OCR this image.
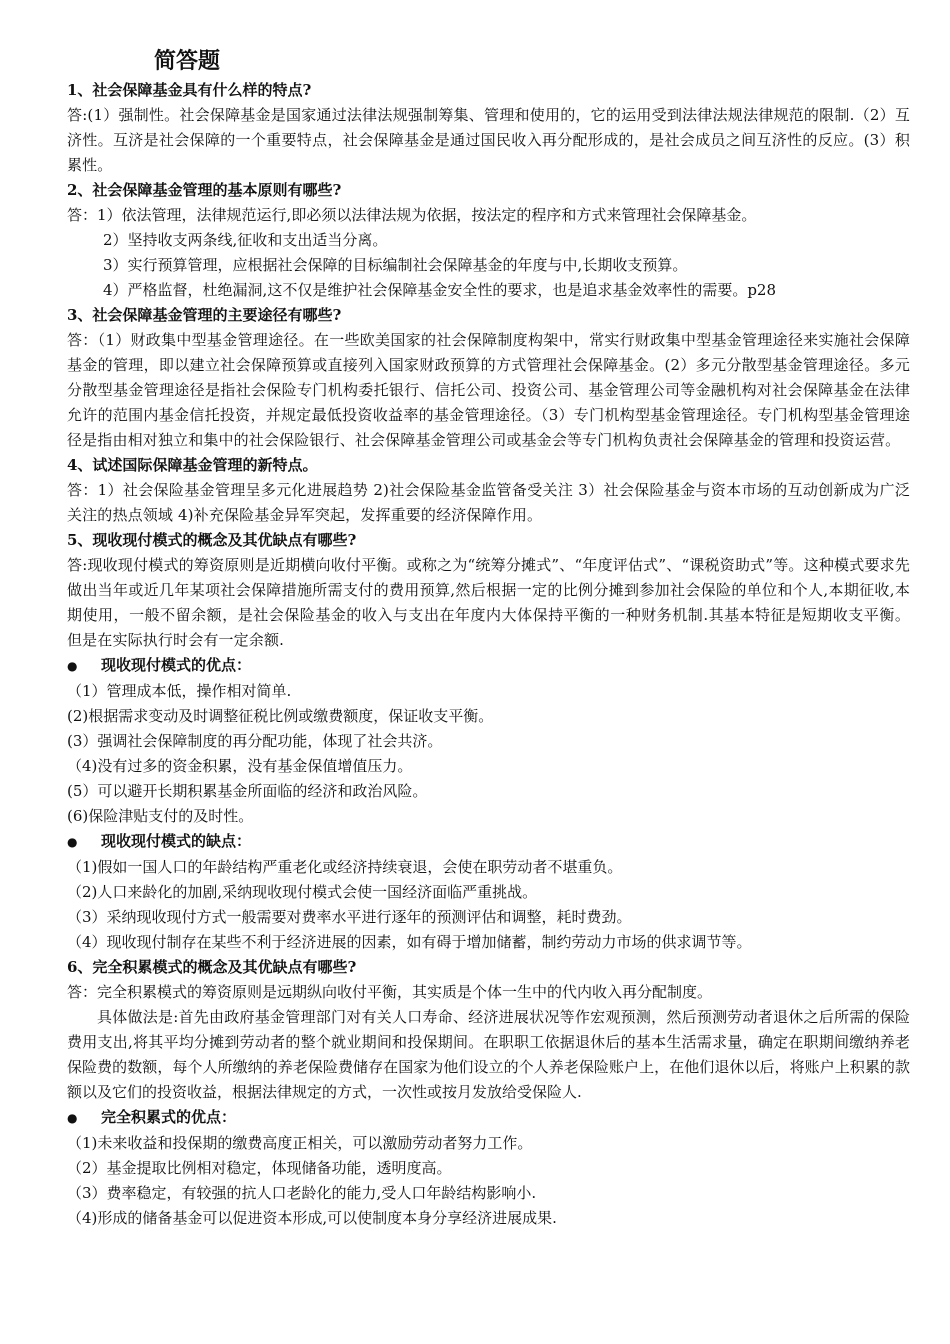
简答题

1、社会保障基金具有什么样的特点?

答:(1）强制性。社会保障基金是国家通过法律法规强制筹集、管理和使用的，它的运用受到法律法规法律规范的限制.（2）互济性。互济是社会保障的一个重要特点，社会保障基金是通过国民收入再分配形成的，是社会成员之间互济性的反应。(3）积累性。

2、社会保障基金管理的基本原则有哪些?

答：1）依法管理，法律规范运行,即必须以法律法规为依据，按法定的程序和方式来管理社会保障基金。

2）坚持收支两条线,征收和支出适当分离。

3）实行预算管理，应根据社会保障的目标编制社会保障基金的年度与中,长期收支预算。

4）严格监督，杜绝漏洞,这不仅是维护社会保障基金安全性的要求，也是追求基金效率性的需要。p28

3、社会保障基金管理的主要途径有哪些?

答：（1）财政集中型基金管理途径。在一些欧美国家的社会保障制度构架中，常实行财政集中型基金管理途径来实施社会保障基金的管理，即以建立社会保障预算或直接列入国家财政预算的方式管理社会保障基金。(2）多元分散型基金管理途径。多元分散型基金管理途径是指社会保险专门机构委托银行、信托公司、投资公司、基金管理公司等金融机构对社会保障基金在法律允许的范围内基金信托投资，并规定最低投资收益率的基金管理途径。（3）专门机构型基金管理途径。专门机构型基金管理途径是指由相对独立和集中的社会保险银行、社会保障基金管理公司或基金会等专门机构负责社会保障基金的管理和投资运营。

4、试述国际保障基金管理的新特点。

答：1）社会保险基金管理呈多元化进展趋势 2)社会保险基金监管备受关注 3）社会保险基金与资本市场的互动创新成为广泛关注的热点领域 4)补充保险基金异军突起，发挥重要的经济保障作用。

5、现收现付模式的概念及其优缺点有哪些?

答:现收现付模式的筹资原则是近期横向收付平衡。或称之为“统筹分摊式”、“年度评估式”、“课税资助式”等。这种模式要求先做出当年或近几年某项社会保障措施所需支付的费用预算,然后根据一定的比例分摊到参加社会保险的单位和个人,本期征收,本期使用，一般不留余额，是社会保险基金的收入与支出在年度内大体保持平衡的一种财务机制.其基本特征是短期收支平衡。 但是在实际执行时会有一定余额.

● 现收现付模式的优点：

（1）管理成本低，操作相对简单.

(2)根据需求变动及时调整征税比例或缴费额度，保证收支平衡。

(3）强调社会保障制度的再分配功能，体现了社会共济。

（4)没有过多的资金积累，没有基金保值增值压力。

(5）可以避开长期积累基金所面临的经济和政治风险。

(6)保险津贴支付的及时性。

● 现收现付模式的缺点：

（1)假如一国人口的年龄结构严重老化或经济持续衰退，会使在职劳动者不堪重负。

（2)人口来龄化的加剧,采纳现收现付模式会使一国经济面临严重挑战。

（3）采纳现收现付方式一般需要对费率水平进行逐年的预测评估和调整，耗时费劲。

（4）现收现付制存在某些不利于经济进展的因素，如有碍于增加储蓄，制约劳动力市场的供求调节等。

6、完全积累模式的概念及其优缺点有哪些?

答：完全积累模式的筹资原则是远期纵向收付平衡，其实质是个体一生中的代内收入再分配制度。

具体做法是:首先由政府基金管理部门对有关人口寿命、经济进展状况等作宏观预测，然后预测劳动者退休之后所需的保险费用支出,将其平均分摊到劳动者的整个就业期间和投保期间。在职职工依据退休后的基本生活需求量，确定在职期间缴纳养老保险费的数额，每个人所缴纳的养老保险费储存在国家为他们设立的个人养老保险账户上，在他们退休以后，将账户上积累的款额以及它们的投资收益，根据法律规定的方式，一次性或按月发放给受保险人.

● 完全积累式的优点：

（1)未来收益和投保期的缴费高度正相关，可以激励劳动者努力工作。

（2）基金提取比例相对稳定，体现储备功能，透明度高。

（3）费率稳定，有较强的抗人口老龄化的能力,受人口年龄结构影响小.

（4)形成的储备基金可以促进资本形成,可以使制度本身分享经济进展成果.
